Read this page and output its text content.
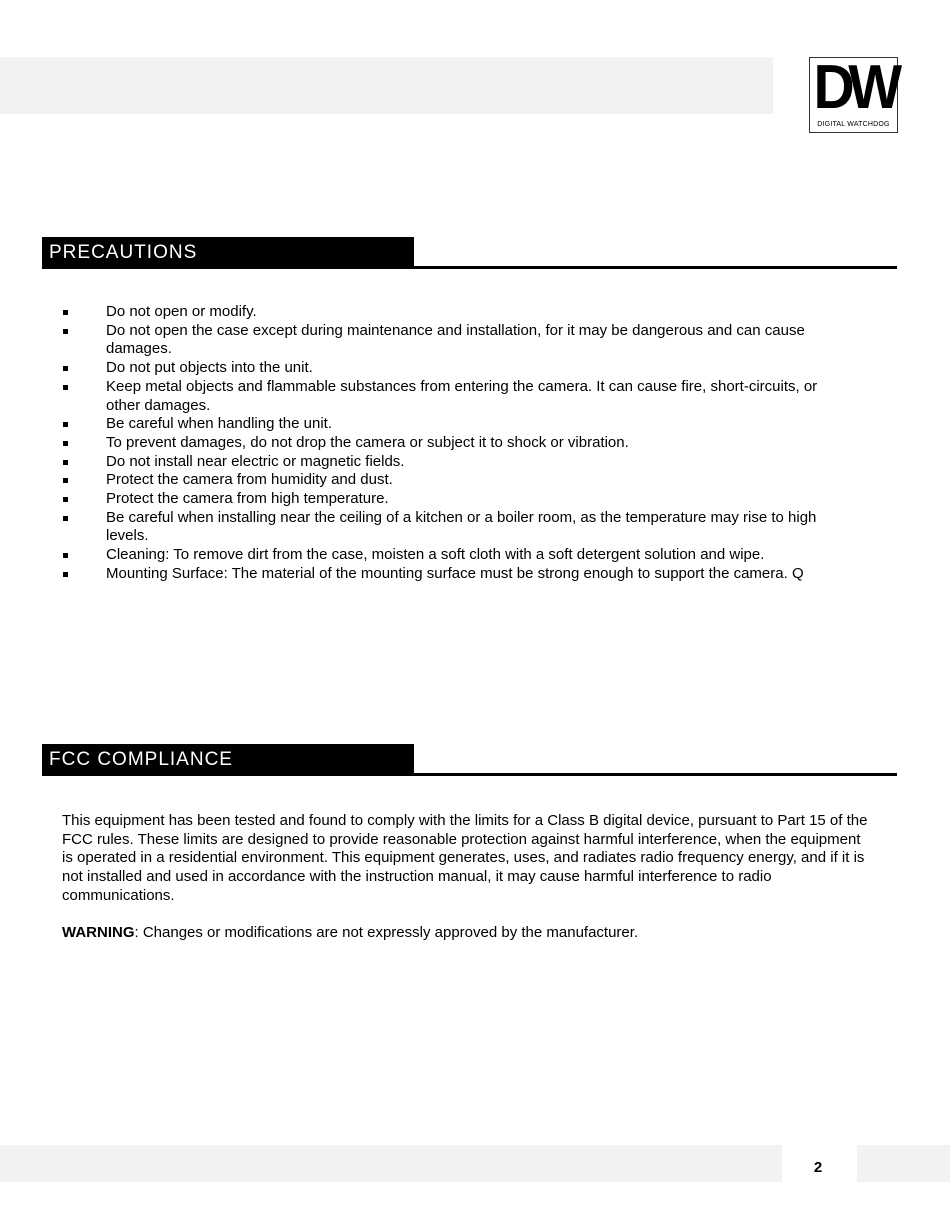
DW
DIGITAL WATCHDOG
PRECAUTIONS
Do not open or modify.
Do not open the case except during maintenance and installation, for it may be dangerous and can cause damages.
Do not put objects into the unit.
Keep metal objects and flammable substances from entering the camera. It can cause fire, short-circuits, or other damages.
Be careful when handling the unit.
To prevent damages, do not drop the camera or subject it to shock or vibration.
Do not install near electric or magnetic fields.
Protect the camera from humidity and dust.
Protect the camera from high temperature.
Be careful when installing near the ceiling of a kitchen or a boiler room, as the temperature may rise to high levels.
Cleaning: To remove dirt from the case, moisten a soft cloth with a soft detergent solution and wipe.
Mounting Surface: The material of the mounting surface must be strong enough to support the camera. Q
FCC COMPLIANCE

This equipment has been tested and found to comply with the limits for a Class B digital device, pursuant to Part 15 of the FCC rules. These limits are designed to provide reasonable protection against harmful interference, when the equipment is operated in a residential environment. This equipment generates, uses, and radiates radio frequency energy, and if it is not installed and used in accordance with the instruction manual, it may cause harmful interference to radio communications.

WARNING: Changes or modifications are not expressly approved by the manufacturer.

2
